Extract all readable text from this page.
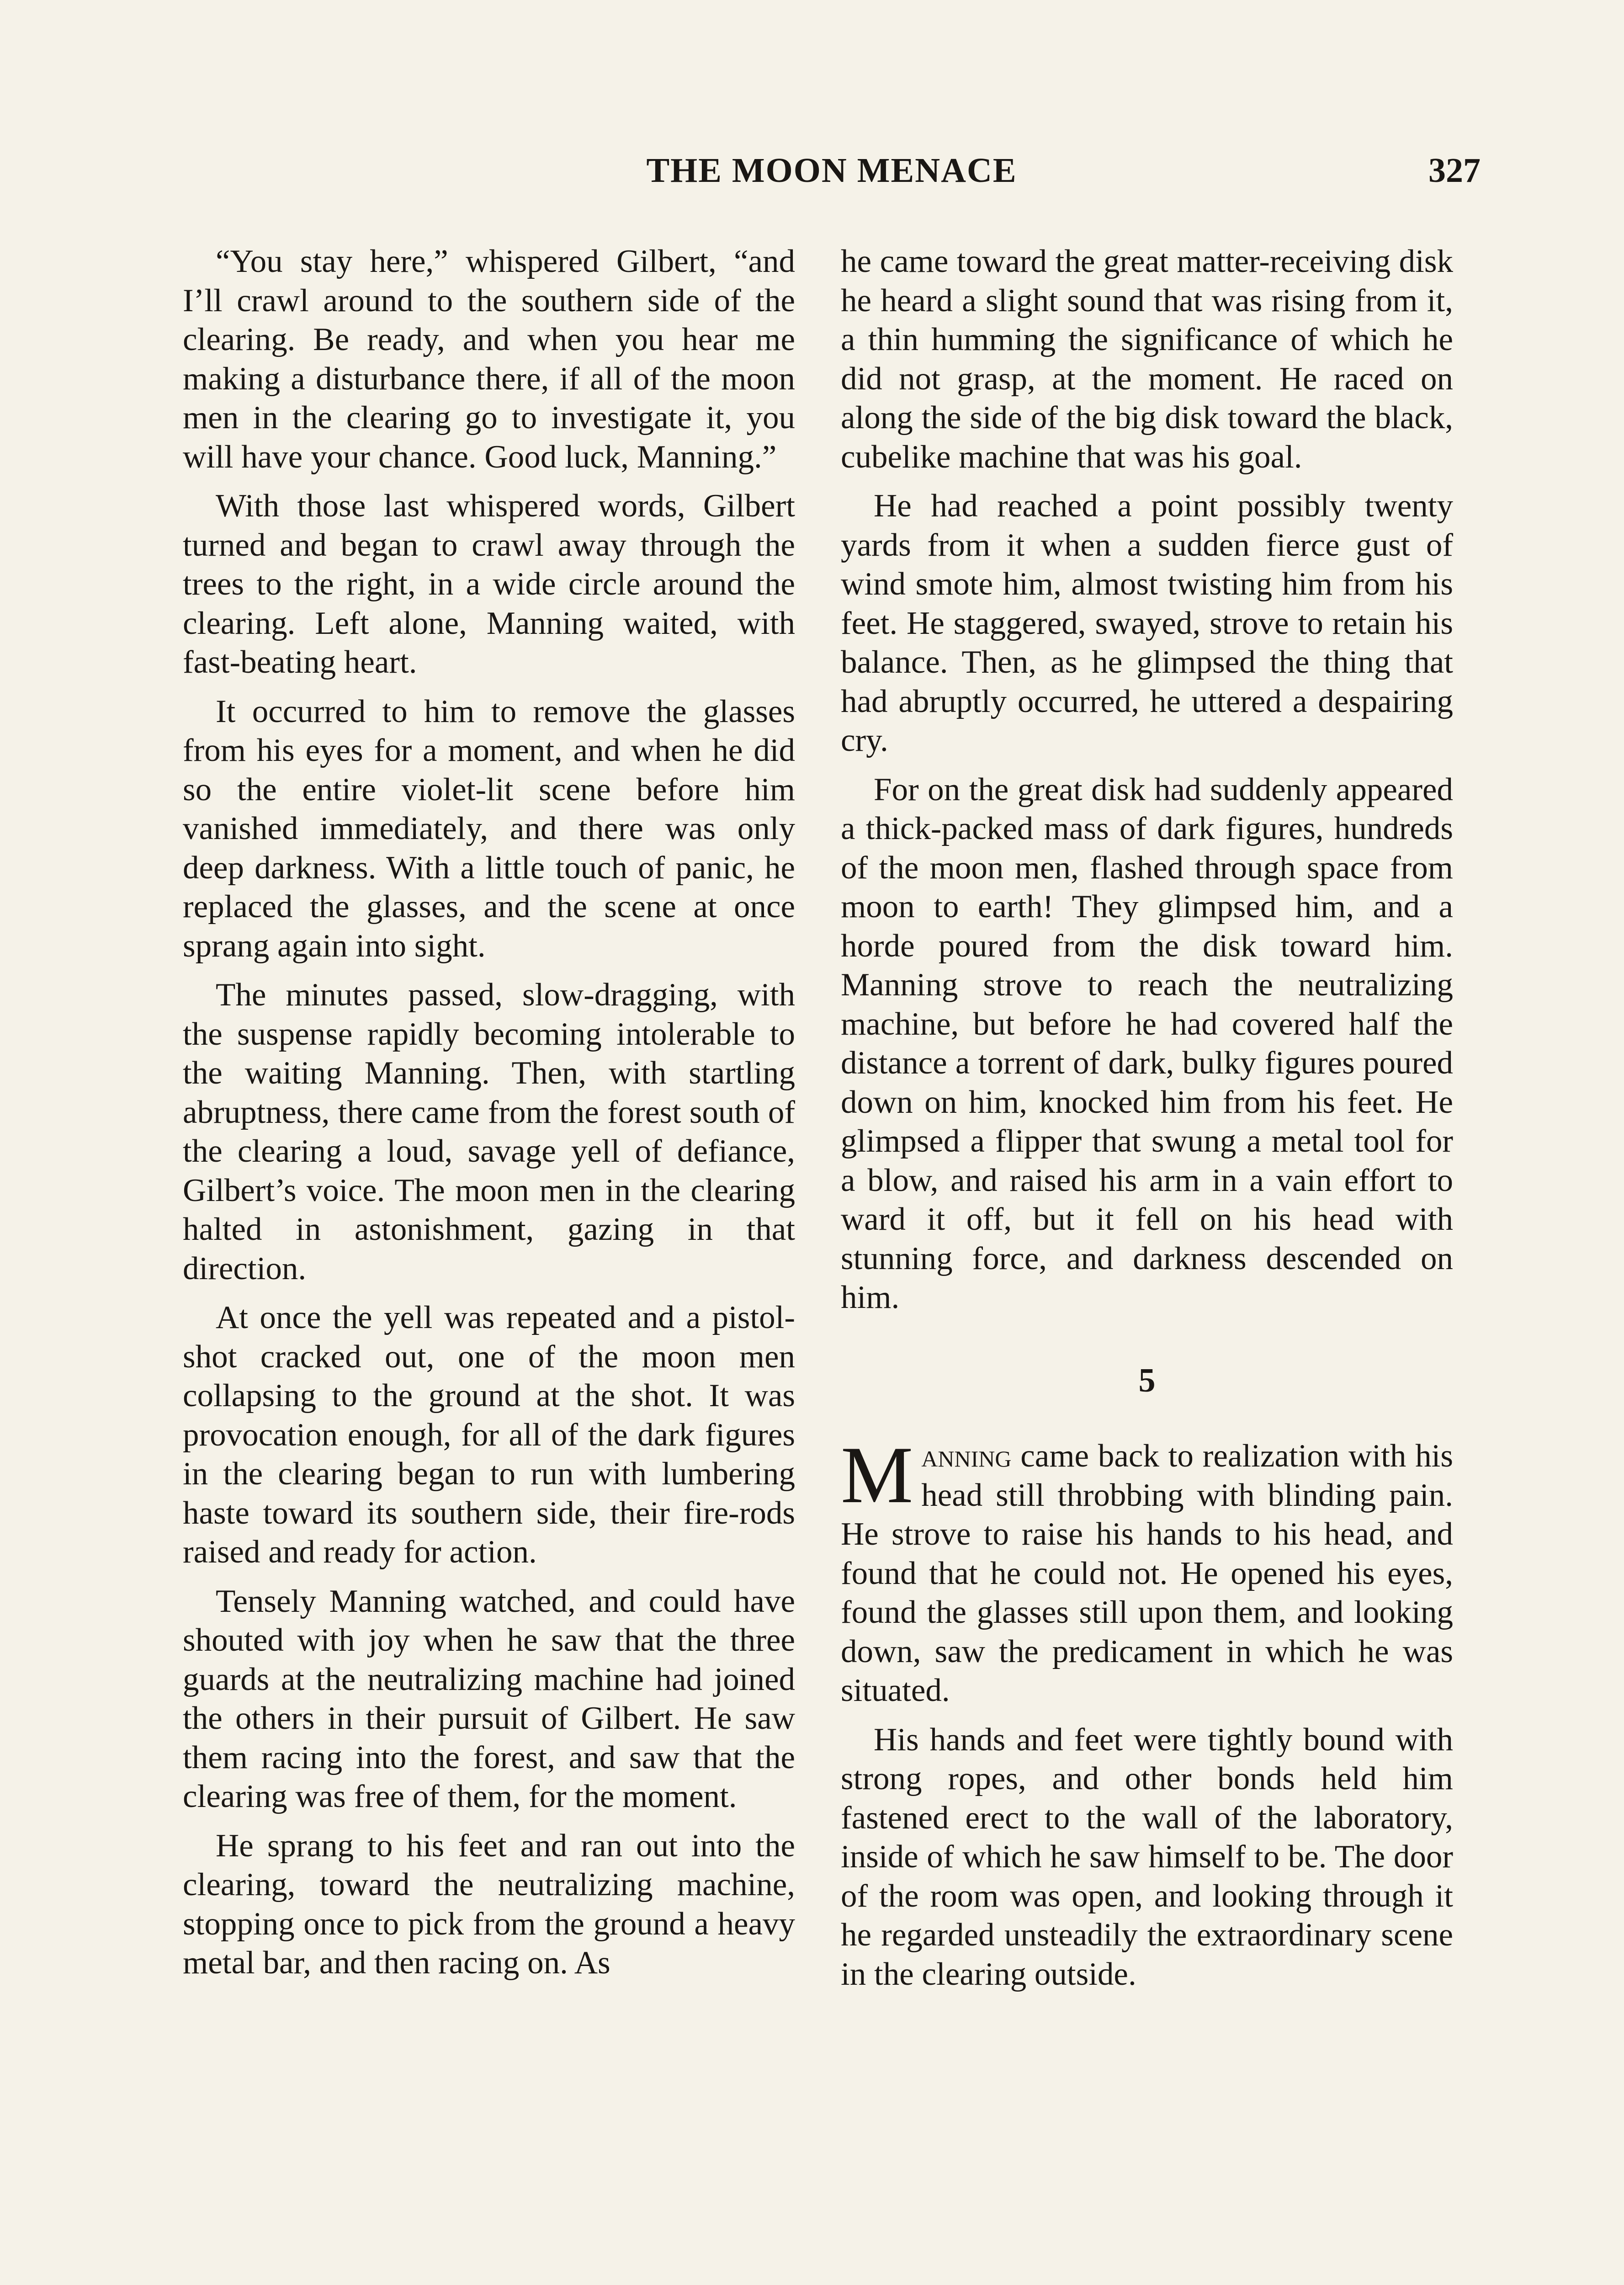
THE MOON MENACE	327

“You stay here,” whispered Gilbert, “and I’ll crawl around to the southern side of the clearing. Be ready, and when you hear me making a disturbance there, if all of the moon men in the clearing go to investigate it, you will have your chance. Good luck, Manning.”

With those last whispered words, Gilbert turned and began to crawl away through the trees to the right, in a wide circle around the clearing. Left alone, Manning waited, with fast-beating heart.

It occurred to him to remove the glasses from his eyes for a moment, and when he did so the entire violet-lit scene before him vanished immediately, and there was only deep darkness. With a little touch of panic, he replaced the glasses, and the scene at once sprang again into sight.

The minutes passed, slow-dragging, with the suspense rapidly becoming intolerable to the waiting Manning. Then, with startling abruptness, there came from the forest south of the clearing a loud, savage yell of defiance, Gilbert’s voice. The moon men in the clearing halted in astonishment, gazing in that direction.

At once the yell was repeated and a pistol-shot cracked out, one of the moon men collapsing to the ground at the shot. It was provocation enough, for all of the dark figures in the clearing began to run with lumbering haste toward its southern side, their fire-rods raised and ready for action.

Tensely Manning watched, and could have shouted with joy when he saw that the three guards at the neutralizing machine had joined the others in their pursuit of Gilbert. He saw them racing into the forest, and saw that the clearing was free of them, for the moment.

He sprang to his feet and ran out into the clearing, toward the neutralizing machine, stopping once to pick from the ground a heavy metal bar, and then racing on. As

he came toward the great matter-receiving disk he heard a slight sound that was rising from it, a thin humming the significance of which he did not grasp, at the moment. He raced on along the side of the big disk toward the black, cubelike machine that was his goal.

He had reached a point possibly twenty yards from it when a sudden fierce gust of wind smote him, almost twisting him from his feet. He staggered, swayed, strove to retain his balance. Then, as he glimpsed the thing that had abruptly occurred, he uttered a despairing cry.

For on the great disk had suddenly appeared a thick-packed mass of dark figures, hundreds of the moon men, flashed through space from moon to earth! They glimpsed him, and a horde poured from the disk toward him. Manning strove to reach the neutralizing machine, but before he had covered half the distance a torrent of dark, bulky figures poured down on him, knocked him from his feet. He glimpsed a flipper that swung a metal tool for a blow, and raised his arm in a vain effort to ward it off, but it fell on his head with stunning force, and darkness descended on him.

5

Manning came back to realization with his head still throbbing with blinding pain. He strove to raise his hands to his head, and found that he could not. He opened his eyes, found the glasses still upon them, and looking down, saw the predicament in which he was situated.

His hands and feet were tightly bound with strong ropes, and other bonds held him fastened erect to the wall of the laboratory, inside of which he saw himself to be. The door of the room was open, and looking through it he regarded unsteadily the extraordinary scene in the clearing outside.
